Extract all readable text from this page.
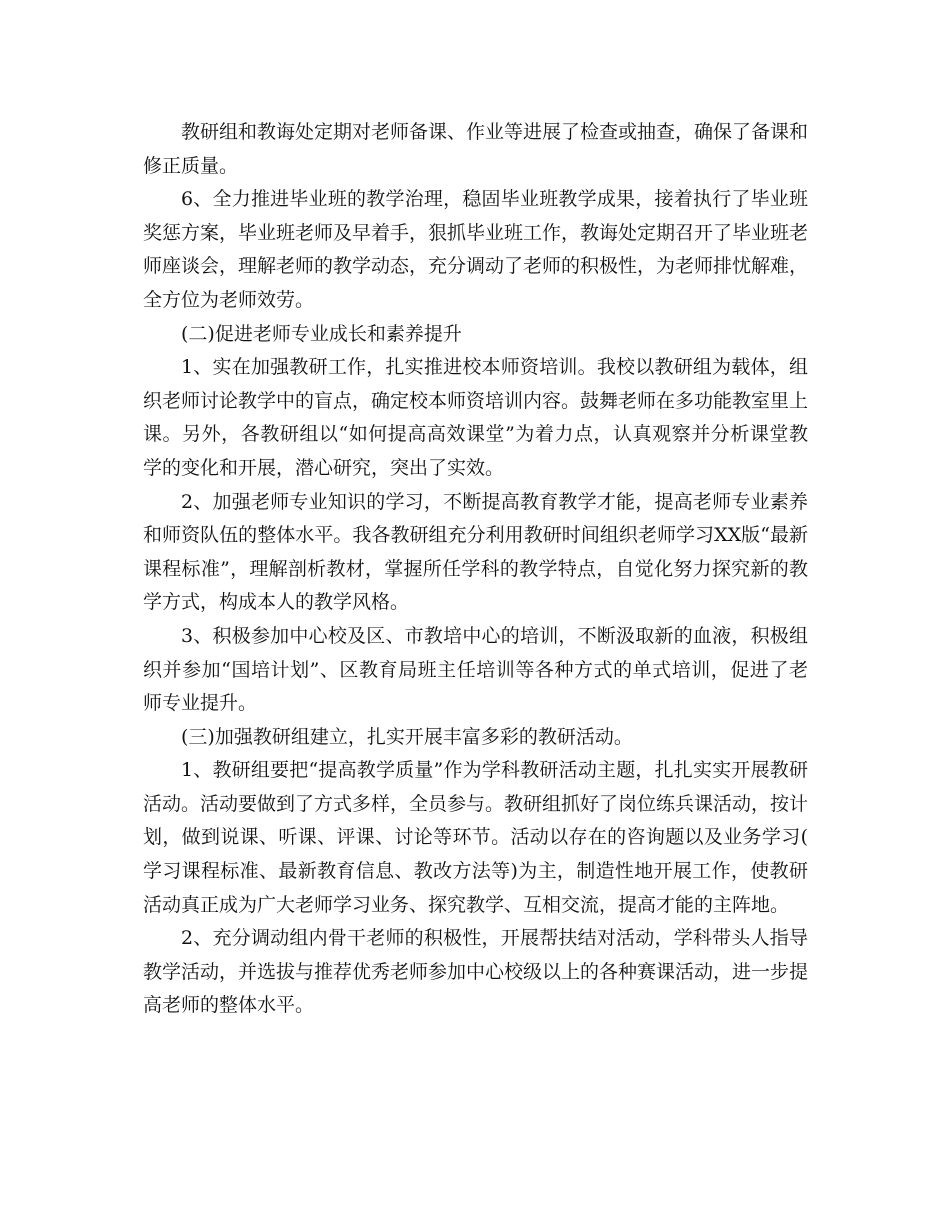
教研组和教诲处定期对老师备课、作业等进展了检查或抽查，确保了备课和修正质量。

6、全力推进毕业班的教学治理，稳固毕业班教学成果，接着执行了毕业班奖惩方案，毕业班老师及早着手，狠抓毕业班工作，教诲处定期召开了毕业班老师座谈会，理解老师的教学动态，充分调动了老师的积极性，为老师排忧解难，全方位为老师效劳。

(二)促进老师专业成长和素养提升

1、实在加强教研工作，扎实推进校本师资培训。我校以教研组为载体，组织老师讨论教学中的盲点，确定校本师资培训内容。鼓舞老师在多功能教室里上课。另外，各教研组以“如何提高高效课堂”为着力点，认真观察并分析课堂教学的变化和开展，潜心研究，突出了实效。

2、加强老师专业知识的学习，不断提高教育教学才能，提高老师专业素养和师资队伍的整体水平。我各教研组充分利用教研时间组织老师学习XX版“最新课程标准”，理解剖析教材，掌握所任学科的教学特点，自觉化努力探究新的教学方式，构成本人的教学风格。

3、积极参加中心校及区、市教培中心的培训，不断汲取新的血液，积极组织并参加“国培计划”、区教育局班主任培训等各种方式的单式培训，促进了老师专业提升。

(三)加强教研组建立，扎实开展丰富多彩的教研活动。

1、教研组要把“提高教学质量”作为学科教研活动主题，扎扎实实开展教研活动。活动要做到了方式多样，全员参与。教研组抓好了岗位练兵课活动，按计划，做到说课、听课、评课、讨论等环节。活动以存在的咨询题以及业务学习(学习课程标准、最新教育信息、教改方法等)为主，制造性地开展工作，使教研活动真正成为广大老师学习业务、探究教学、互相交流，提高才能的主阵地。

2、充分调动组内骨干老师的积极性，开展帮扶结对活动，学科带头人指导教学活动，并选拔与推荐优秀老师参加中心校级以上的各种赛课活动，进一步提高老师的整体水平。
